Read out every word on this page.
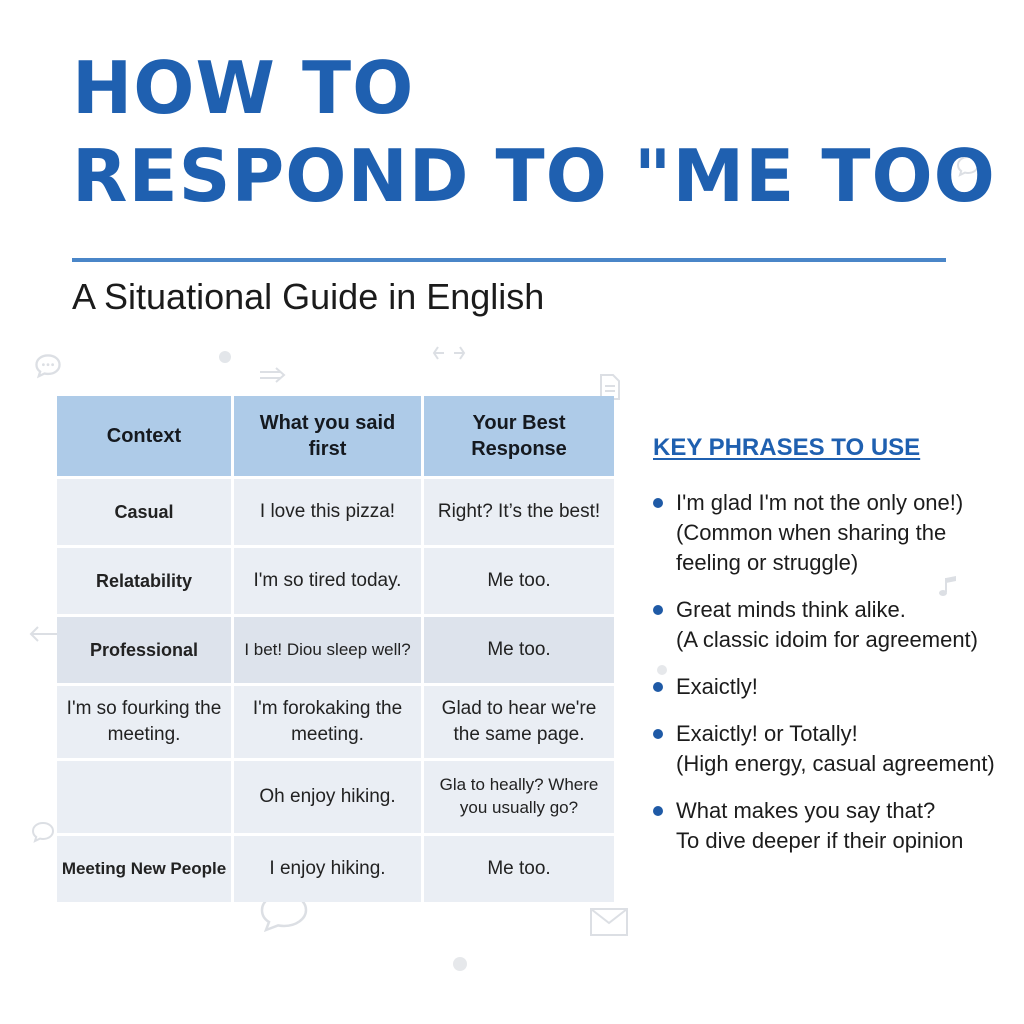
HOW TO
RESPOND TO "ME TOO
A Situational Guide in English
Context	What you said first	Your Best Response
Casual	I love this pizza!	Right? It’s the best!
Relatability	I'm so tired today.	Me too.
Professional	I bet! Diou sleep well?	Me too.
I'm so fourking the meeting.	I'm forokaking the meeting.	Glad to hear we're the same page.
	Oh enjoy hiking.	Gla to heally? Where you usually go?
Meeting New People	I enjoy hiking.	Me too.
KEY PHRASES TO USE
I'm glad I'm not the only one!)
(Common when sharing the
feeling or struggle)
Great minds think alike.
(A classic idoim for agreement)
Exaictly!
Exaictly! or Totally!
(High energy, casual agreement)
What makes you say that?
To dive deeper if their opinion
